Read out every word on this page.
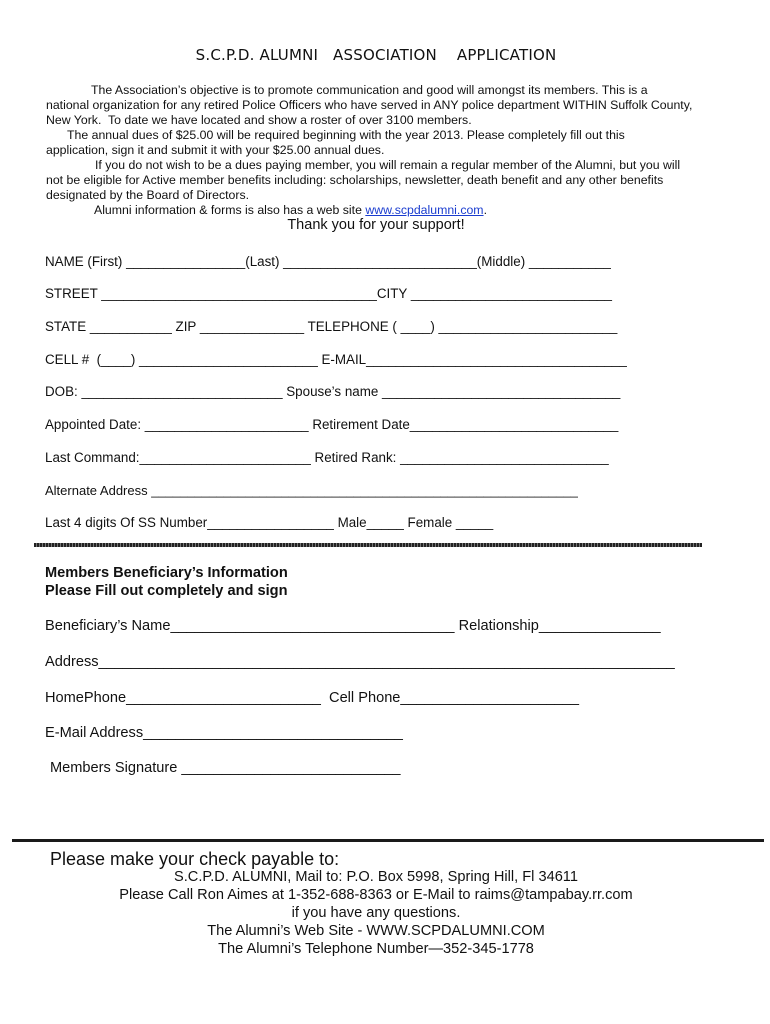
S.C.P.D. ALUMNI   ASSOCIATION    APPLICATION
The Association’s objective is to promote communication and good will amongst its members. This is a
national organization for any retired Police Officers who have served in ANY police department WITHIN Suffolk County,
New York.  To date we have located and show a roster of over 3100 members.
The annual dues of $25.00 will be required beginning with the year 2013. Please completely fill out this
application, sign it and submit it with your $25.00 annual dues.
If you do not wish to be a dues paying member, you will remain a regular member of the Alumni, but you will
not be eligible for Active member benefits including: scholarships, newsletter, death benefit and any other benefits
designated by the Board of Directors.
Alumni information & forms is also has a web site www.scpdalumni.com.
Thank you for your support!
NAME (First) ________________(Last) __________________________(Middle) ___________
STREET _____________________________________CITY ___________________________
STATE ___________ ZIP ______________ TELEPHONE ( ____) ________________________
CELL #  (____) ________________________ E-MAIL___________________________________
DOB: ___________________________ Spouse’s name ________________________________
Appointed Date: ______________________ Retirement Date____________________________
Last Command:_______________________ Retired Rank: ____________________________
Alternate Address ___________________________________________________________
Last 4 digits Of SS Number_________________ Male_____ Female _____
Members Beneficiary’s Information
Please Fill out completely and sign
Beneficiary’s Name___________________________________ Relationship_______________
Address_______________________________________________________________________
HomePhone________________________  Cell Phone______________________
E-Mail Address________________________________
Members Signature ___________________________
Please make your check payable to:
S.C.P.D. ALUMNI, Mail to: P.O. Box 5998, Spring Hill, Fl 34611
Please Call Ron Aimes at 1-352-688-8363 or E-Mail to raims@tampabay.rr.com
if you have any questions.
The Alumni’s Web Site - WWW.SCPDALUMNI.COM
The Alumni’s Telephone Number—352-345-1778
